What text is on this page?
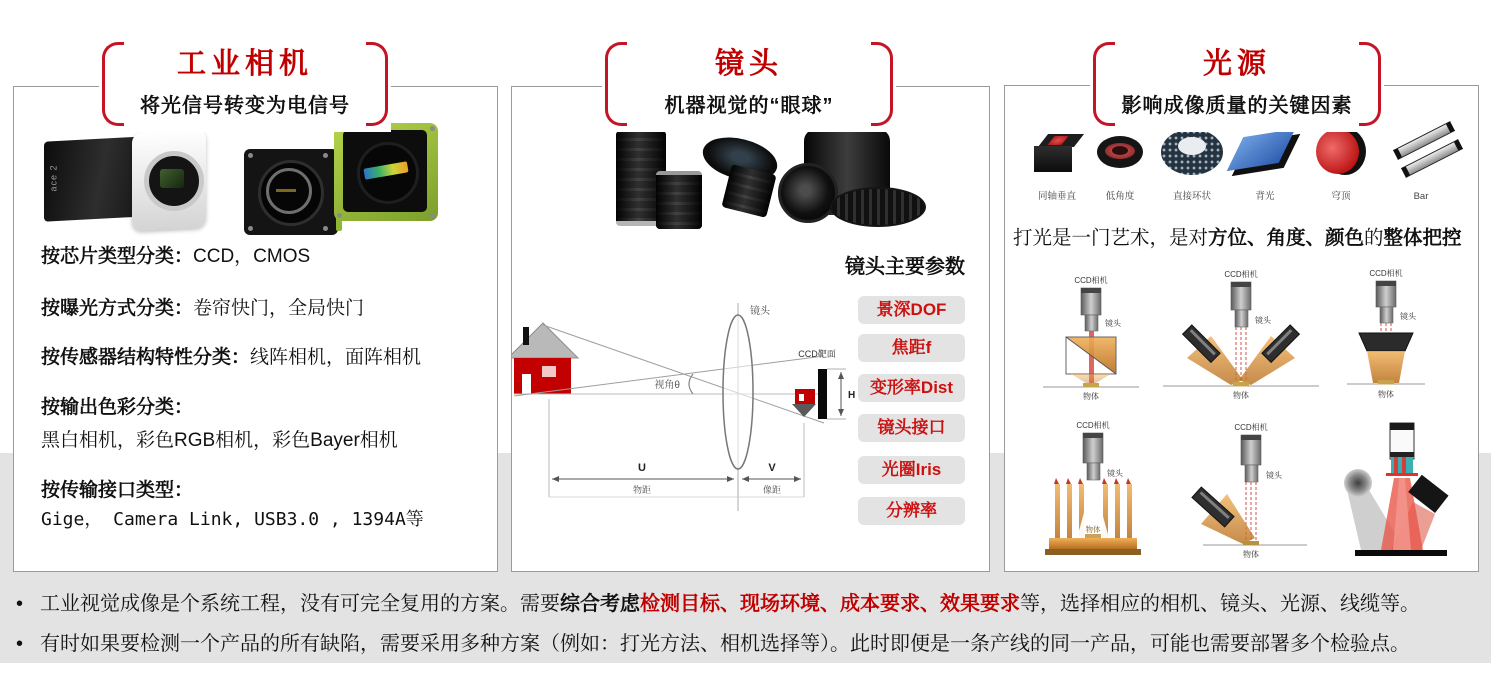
ace 2
按芯片类型分类：CCD，CMOS
按曝光方式分类：卷帘快门，全局快门
按传感器结构特性分类：线阵相机，面阵相机
按输出色彩分类：
黑白相机，彩色RGB相机，彩色Bayer相机
按传输接口类型：
Gige， Camera Link, USB3.0 , 1394A等
镜头主要参数
景深DOF
焦距f
变形率Dist
镜头接口
光圈Iris
分辨率
视角θ
镜头
CCD靶面
H
U	V
物距	像距
同轴垂直	低角度	直接环状	背光	穹顶	Bar
打光是一门艺术，是对方位、角度、颜色的整体把控
CCD相机
镜头
物体
CCD相机
镜头
物体
CCD相机
镜头
物体
CCD相机
镜头
物体
CCD相机
镜头
物体
工业相机
将光信号转变为电信号
镜头
机器视觉的“眼球”
光源
影响成像质量的关键因素
• 工业视觉成像是个系统工程，没有可完全复用的方案。需要综合考虑检测目标、现场环境、成本要求、效果要求等，选择相应的相机、镜头、光源、线缆等。
• 有时如果要检测一个产品的所有缺陷，需要采用多种方案（例如：打光方法、相机选择等）。此时即便是一条产线的同一产品，可能也需要部署多个检验点。
